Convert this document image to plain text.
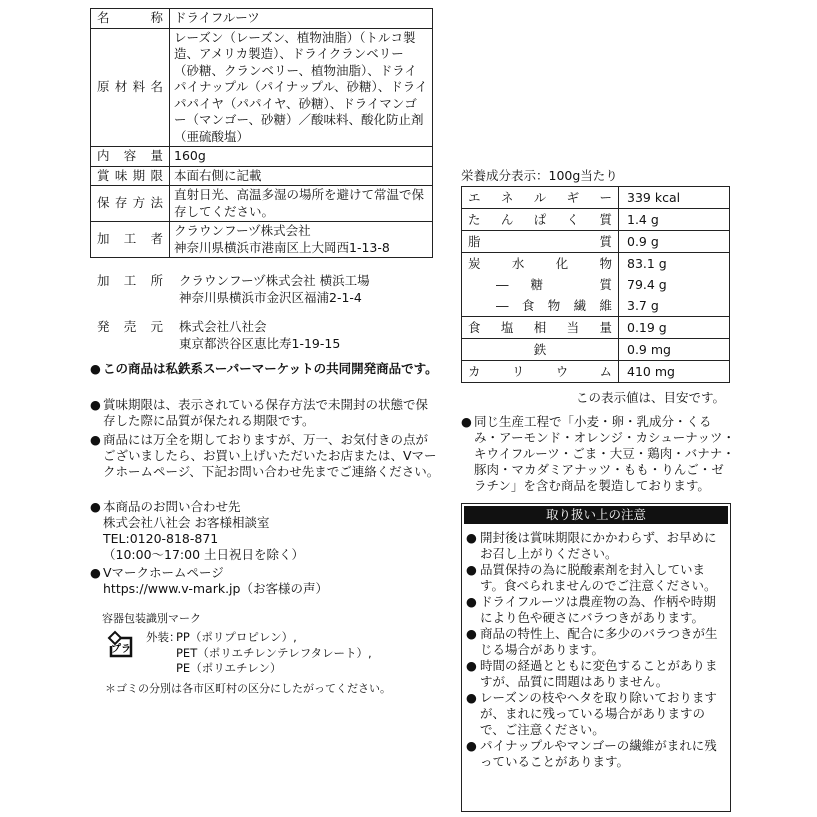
名　　称	ドライフルーツ
原材料名	レーズン（レーズン、植物油脂）（トルコ製造、アメリカ製造）、ドライクランベリー（砂糖、クランベリー、植物油脂）、ドライパイナップル（パイナップル、砂糖）、ドライパパイヤ（パパイヤ、砂糖）、ドライマンゴー（マンゴー、砂糖）／酸味料、酸化防止剤（亜硫酸塩）
内容量	160g
賞味期限	本面右側に記載
保存方法	直射日光、高温多湿の場所を避けて常温で保存してください。
加工者	クラウンフーヅ株式会社
神奈川県横浜市港南区上大岡西1-13-8
加工所 クラウンフーヅ株式会社 横浜工場
神奈川県横浜市金沢区福浦2-1-4
発売元 株式会社八社会
東京都渋谷区恵比寿1-19-15
● この商品は私鉄系スーパーマーケットの共同開発商品です。
● 賞味期限は、表示されている保存方法で未開封の状態で保存した際に品質が保たれる期限です。
● 商品には万全を期しておりますが、万一、お気付きの点がございましたら、お買い上げいただいたお店または、Vマークホームページ、下記お問い合わせ先までご連絡ください。
● 本商品のお問い合わせ先
株式会社八社会 お客様相談室
TEL:0120-818-871
（10:00～17:00 土日祝日を除く）
● Vマークホームページ
https://www.v-mark.jp（お客様の声）
容器包装識別マーク
プラ
外装：
PP（ポリプロピレン）,
PET（ポリエチレンテレフタレート）,
PE（ポリエチレン）
＊ゴミの分別は各市区町村の区分にしたがってください。
栄養成分表示：100g当たり
エネルギー	339 kcal
たんぱく質	1.4 g
脂　　　質	0.9 g
炭水化物	83.1 g
―糖　質	79.4 g
―食物繊維	3.7 g
食塩相当量	0.19 g
鉄	0.9 mg
カリウム	410 mg
この表示値は、目安です。
● 同じ生産工程で「小麦・卵・乳成分・くるみ・アーモンド・オレンジ・カシューナッツ・キウイフルーツ・ごま・大豆・鶏肉・バナナ・豚肉・マカダミアナッツ・もも・りんご・ゼラチン」を含む商品を製造しております。
取り扱い上の注意
● 開封後は賞味期限にかかわらず、お早めにお召し上がりください。
● 品質保持の為に脱酸素剤を封入しています。食べられませんのでご注意ください。
● ドライフルーツは農産物の為、作柄や時期により色や硬さにバラつきがあります。
● 商品の特性上、配合に多少のバラつきが生じる場合があります。
● 時間の経過とともに変色することがありますが、品質に問題はありません。
● レーズンの枝やヘタを取り除いておりますが、まれに残っている場合がありますので、ご注意ください。
● パイナップルやマンゴーの繊維がまれに残っていることがあります。
